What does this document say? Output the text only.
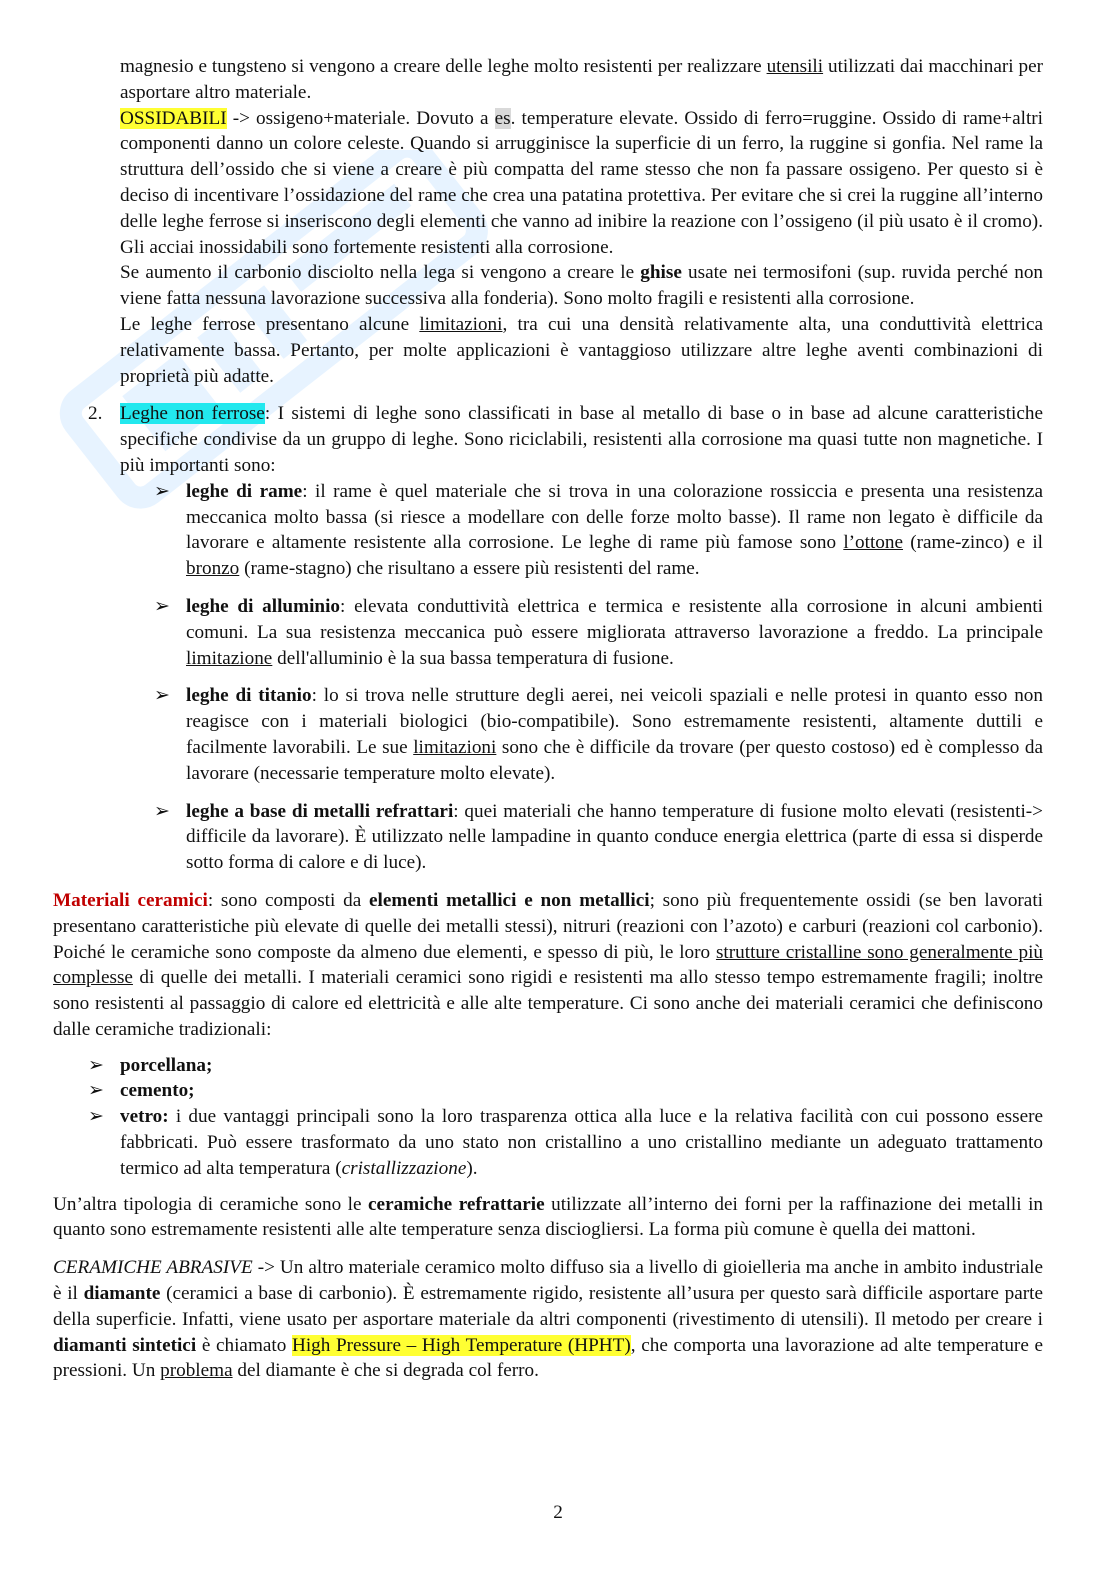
magnesio e tungsteno si vengono a creare delle leghe molto resistenti per realizzare utensili utilizzati dai macchinari per asportare altro materiale.

OSSIDABILI -> ossigeno+materiale. Dovuto a es. temperature elevate. Ossido di ferro=ruggine. Ossido di rame+altri componenti danno un colore celeste. Quando si arrugginisce la superficie di un ferro, la ruggine si gonfia. Nel rame la struttura dell’ossido che si viene a creare è più compatta del rame stesso che non fa passare ossigeno. Per questo si è deciso di incentivare l’ossidazione del rame che crea una patatina protettiva. Per evitare che si crei la ruggine all’interno delle leghe ferrose si inseriscono degli elementi che vanno ad inibire la reazione con l’ossigeno (il più usato è il cromo). Gli acciai inossidabili sono fortemente resistenti alla corrosione.

Se aumento il carbonio disciolto nella lega si vengono a creare le ghise usate nei termosifoni (sup. ruvida perché non viene fatta nessuna lavorazione successiva alla fonderia). Sono molto fragili e resistenti alla corrosione.

Le leghe ferrose presentano alcune limitazioni, tra cui una densità relativamente alta, una conduttività elettrica relativamente bassa. Pertanto, per molte applicazioni è vantaggioso utilizzare altre leghe aventi combinazioni di proprietà più adatte.

2. Leghe non ferrose: I sistemi di leghe sono classificati in base al metallo di base o in base ad alcune caratteristiche specifiche condivise da un gruppo di leghe. Sono riciclabili, resistenti alla corrosione ma quasi tutte non magnetiche. I più importanti sono:

➢ leghe di rame: il rame è quel materiale che si trova in una colorazione rossiccia e presenta una resistenza meccanica molto bassa (si riesce a modellare con delle forze molto basse). Il rame non legato è difficile da lavorare e altamente resistente alla corrosione. Le leghe di rame più famose sono l’ottone (rame-zinco) e il bronzo (rame-stagno) che risultano a essere più resistenti del rame.

➢ leghe di alluminio: elevata conduttività elettrica e termica e resistente alla corrosione in alcuni ambienti comuni. La sua resistenza meccanica può essere migliorata attraverso lavorazione a freddo. La principale limitazione dell'alluminio è la sua bassa temperatura di fusione.

➢ leghe di titanio: lo si trova nelle strutture degli aerei, nei veicoli spaziali e nelle protesi in quanto esso non reagisce con i materiali biologici (bio-compatibile). Sono estremamente resistenti, altamente duttili e facilmente lavorabili. Le sue limitazioni sono che è difficile da trovare (per questo costoso) ed è complesso da lavorare (necessarie temperature molto elevate).

➢ leghe a base di metalli refrattari: quei materiali che hanno temperature di fusione molto elevati (resistenti-> difficile da lavorare). È utilizzato nelle lampadine in quanto conduce energia elettrica (parte di essa si disperde sotto forma di calore e di luce).

Materiali ceramici: sono composti da elementi metallici e non metallici; sono più frequentemente ossidi (se ben lavorati presentano caratteristiche più elevate di quelle dei metalli stessi), nitruri (reazioni con l’azoto) e carburi (reazioni col carbonio). Poiché le ceramiche sono composte da almeno due elementi, e spesso di più, le loro strutture cristalline sono generalmente più complesse di quelle dei metalli. I materiali ceramici sono rigidi e resistenti ma allo stesso tempo estremamente fragili; inoltre sono resistenti al passaggio di calore ed elettricità e alle alte temperature. Ci sono anche dei materiali ceramici che definiscono dalle ceramiche tradizionali:

➢ porcellana;

➢ cemento;

➢ vetro: i due vantaggi principali sono la loro trasparenza ottica alla luce e la relativa facilità con cui possono essere fabbricati. Può essere trasformato da uno stato non cristallino a uno cristallino mediante un adeguato trattamento termico ad alta temperatura (cristallizzazione).

Un’altra tipologia di ceramiche sono le ceramiche refrattarie utilizzate all’interno dei forni per la raffinazione dei metalli in quanto sono estremamente resistenti alle alte temperature senza disciogliersi. La forma più comune è quella dei mattoni.

CERAMICHE ABRASIVE -> Un altro materiale ceramico molto diffuso sia a livello di gioielleria ma anche in ambito industriale è il diamante (ceramici a base di carbonio). È estremamente rigido, resistente all’usura per questo sarà difficile asportare parte della superficie. Infatti, viene usato per asportare materiale da altri componenti (rivestimento di utensili). Il metodo per creare i diamanti sintetici è chiamato High Pressure – High Temperature (HPHT), che comporta una lavorazione ad alte temperature e pressioni. Un problema del diamante è che si degrada col ferro.

2
